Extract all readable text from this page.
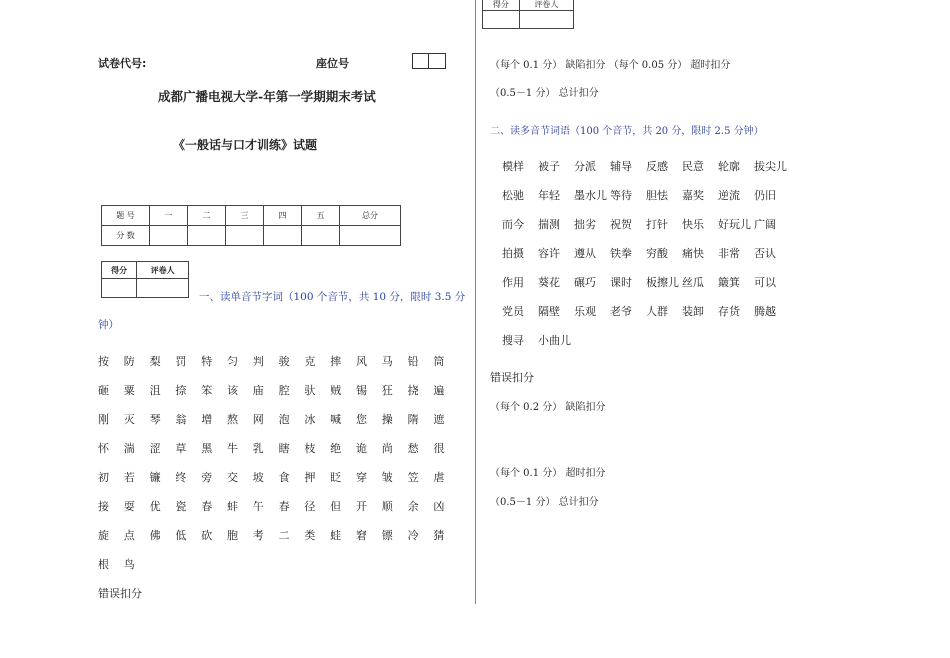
得分	评卷人

试卷代号:	座位号
成都广播电视大学-年第一学期期末考试
《一般话与口才训练》试题
题 号	一	二	三	四	五	总分
分 数						
得分	评卷人

一、读单音节字词（100 个音节，共 10 分，限时 3.5 分
钟）
按	防	梨	罚	特	匀	判	骏	克	摔	风	马	铅	筒
砸	粟	沮	捺	笨	该	庙	腔	驮	贼	锡	狂	挠	遍
刚	灭	琴	翁	增	熬	网	泡	冰	喊	您	操	隋	遮
怀	湍	涩	草	黑	牛	乳	瞎	枝	绝	诡	尚	愁	很
初	若	镰	终	旁	交	坡	食	押	眨	穿	皱	笠	虐
接	耍	优	瓷	春	蚌	午	春	径	但	开	顺	余	凶
旋	点	佛	低	砍	胞	考	二	类	蛙	窘	镖	冷	猜
根	鸟
错误扣分
（每个 0.1 分） 缺陷扣分 （每个 0.05 分） 超时扣分
（0.5－1 分） 总计扣分
二、读多音节词语（100 个音节，共 20 分，限时 2.5 分钟）
模样	被子	分派	辅导	反感	民意	轮廓	拔尖儿
松驰	年轻	墨水儿 等待	胆怯	嘉奖	逆流	仍旧
而今	揣测	拙劣	祝贺	打针	快乐	好玩儿 广阔
拍摄	容许	遵从	铁拳	穷酸	痛快	非常	否认
作用	葵花	碾巧	课时	板擦儿 丝瓜	簸箕	可以
党员	隔壁	乐观	老爷	人群	装卸	存货	腾越
搜寻	小曲儿
错误扣分
（每个 0.2 分） 缺陷扣分
（每个 0.1 分） 超时扣分
（0.5－1 分） 总计扣分
